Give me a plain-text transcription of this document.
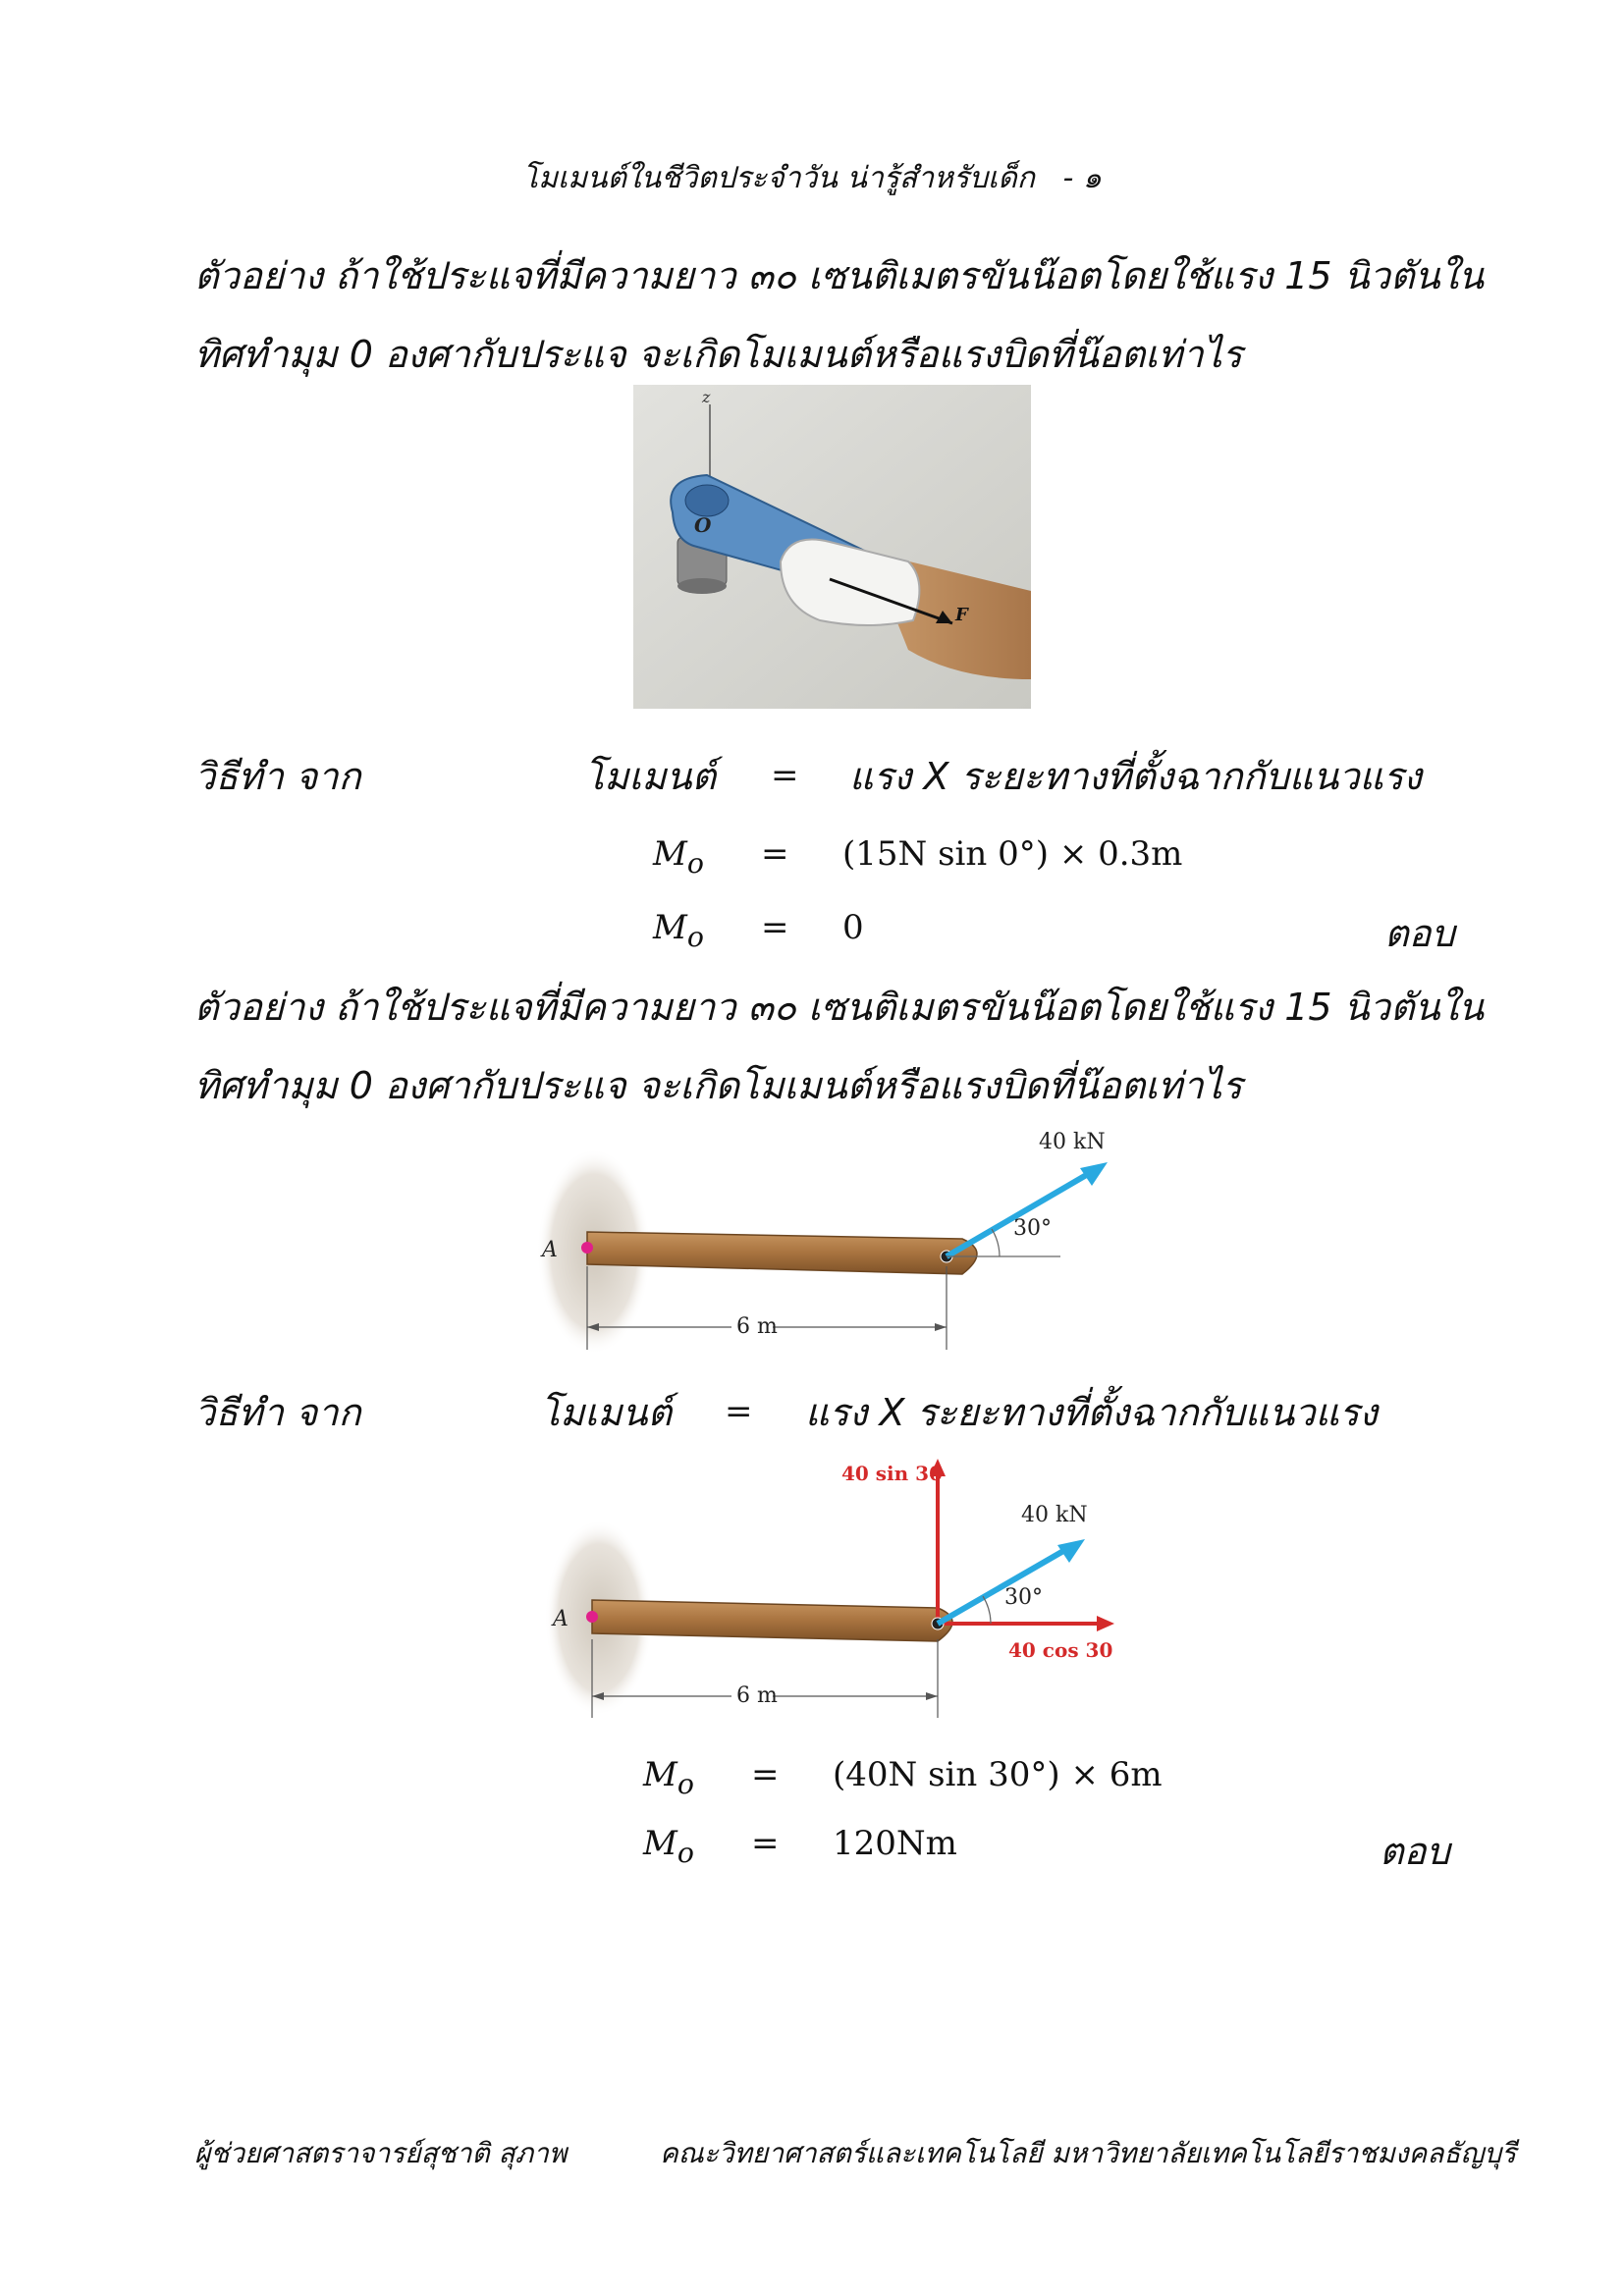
โมเมนต์ในชีวิตประจำวัน น่ารู้สำหรับเด็ก - ๑
ตัวอย่าง ถ้าใช้ประแจที่มีความยาว ๓๐ เซนติเมตรขันน๊อตโดยใช้แรง 15 นิวตันใน
ทิศทำมุม 0 องศากับประแจ จะเกิดโมเมนต์หรือแรงบิดที่น๊อตเท่าไร
z
O
F
วิธีทำ จาก	โมเมนต์ = แรง X ระยะทางที่ตั้งฉากกับแนวแรง
$M_o = (15N$ sin 0°) × 0.3m
$M_o = 0$	ตอบ
ตัวอย่าง ถ้าใช้ประแจที่มีความยาว ๓๐ เซนติเมตรขันน๊อตโดยใช้แรง 15 นิวตันใน
ทิศทำมุม 0 องศากับประแจ จะเกิดโมเมนต์หรือแรงบิดที่น๊อตเท่าไร
A
40 kN
30°
6 m
วิธีทำ จาก	โมเมนต์ = แรง X ระยะทางที่ตั้งฉากกับแนวแรง
A
40 sin 30
40 cos 30
40 kN
30°
6 m
$M_o = (40N$ sin 30°) × 6m
$M_o = 120Nm$	ตอบ
ผู้ช่วยศาสตราจารย์สุชาติ สุภาพ	คณะวิทยาศาสตร์และเทคโนโลยี มหาวิทยาลัยเทคโนโลยีราชมงคลธัญบุรี
